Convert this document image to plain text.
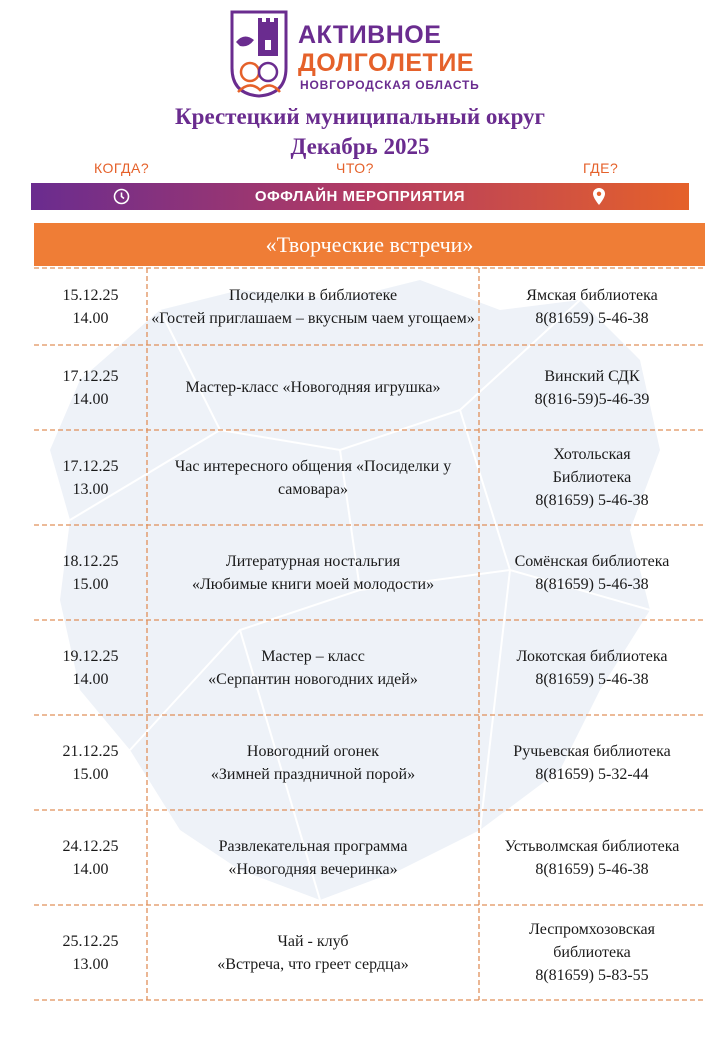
АКТИВНОЕ
ДОЛГОЛЕТИЕ
НОВГОРОДСКАЯ ОБЛАСТЬ
Крестецкий муниципальный округ
Декабрь 2025
КОГДА?	ЧТО?	ГДЕ?
ОФФЛАЙН МЕРОПРИЯТИЯ
«Творческие встречи»
15.12.25
14.00
Посиделки в библиотеке
«Гостей приглашаем – вкусным чаем угощаем»
Ямская библиотека
8(81659) 5-46-38
17.12.25
14.00
Мастер-класс «Новогодняя игрушка»
Винский СДК
8(816-59)5-46-39
17.12.25
13.00
Час интересного общения «Посиделки у самовара»
Хотольская
Библиотека
8(81659) 5-46-38
18.12.25
15.00
Литературная ностальгия
«Любимые книги моей молодости»
Сомёнская библиотека
8(81659) 5-46-38
19.12.25
14.00
Мастер – класс
«Серпантин новогодних идей»
Локотская библиотека
8(81659) 5-46-38
21.12.25
15.00
Новогодний огонек
«Зимней праздничной порой»
Ручьевская библиотека
8(81659) 5-32-44
24.12.25
14.00
Развлекательная программа
«Новогодняя вечеринка»
Устьволмская библиотека
8(81659) 5-46-38
25.12.25
13.00
Чай - клуб
«Встреча, что греет сердца»
Леспромхозовская
библиотека
8(81659) 5-83-55
